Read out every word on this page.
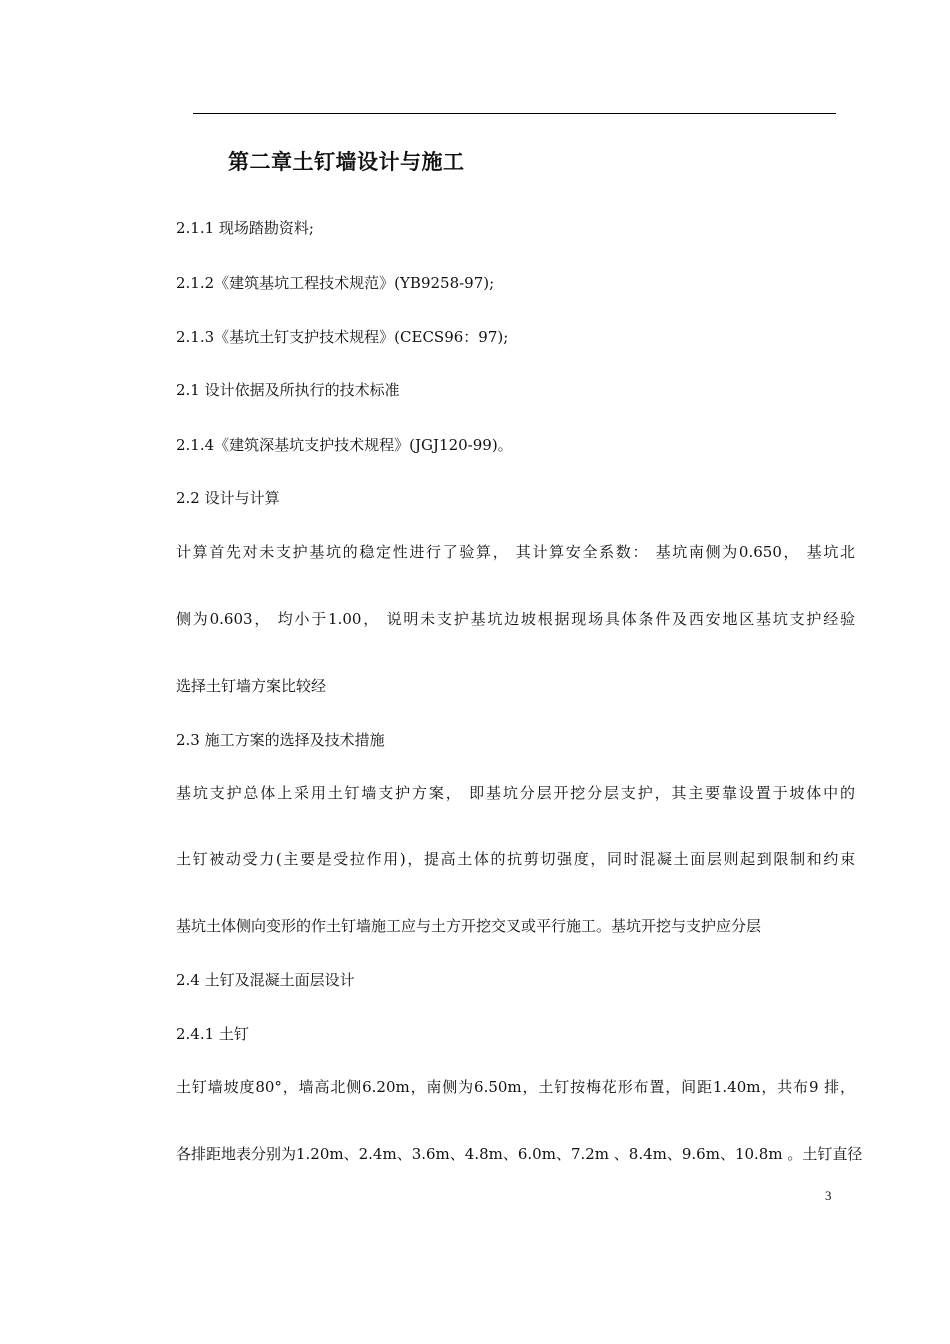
第二章土钉墙设计与施工
2.1.1 现场踏勘资料;
2.1.2《建筑基坑工程技术规范》(YB9258-97);
2.1.3《基坑土钉支护技术规程》(CECS96：97);
2.1 设计依据及所执行的技术标准
2.1.4《建筑深基坑支护技术规程》(JGJ120-99)。
2.2 设计与计算
计算首先对未支护基坑的稳定性进行了验算， 其计算安全系数： 基坑南侧为0.650， 基坑北
侧为0.603， 均小于1.00， 说明未支护基坑边坡根据现场具体条件及西安地区基坑支护经验
选择土钉墙方案比较经
2.3 施工方案的选择及技术措施
基坑支护总体上采用土钉墙支护方案， 即基坑分层开挖分层支护，其主要靠设置于坡体中的
土钉被动受力(主要是受拉作用)，提高土体的抗剪切强度，同时混凝土面层则起到限制和约束
基坑土体侧向变形的作土钉墙施工应与土方开挖交叉或平行施工。基坑开挖与支护应分层
2.4 土钉及混凝土面层设计
2.4.1 土钉
土钉墙坡度80°，墙高北侧6.20m，南侧为6.50m，土钉按梅花形布置，间距1.40m，共布9 排，
各排距地表分别为1.20m、2.4m、3.6m、4.8m、6.0m、7.2m 、8.4m、9.6m、10.8m 。土钉直径
3
